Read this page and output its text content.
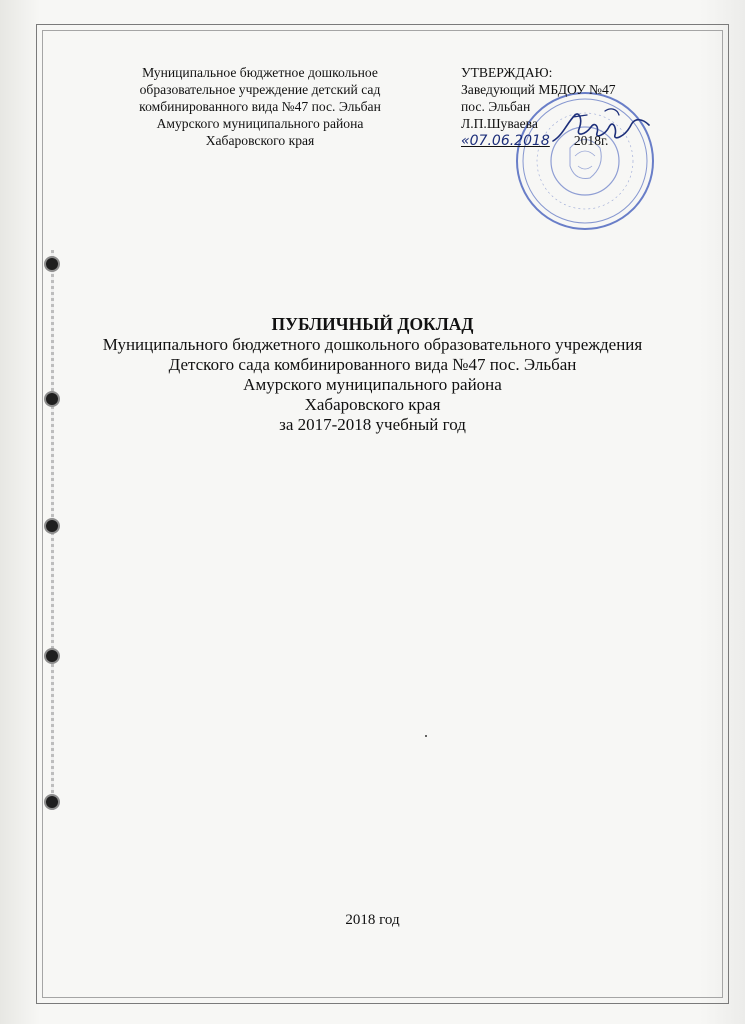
Муниципальное бюджетное дошкольное
образовательное учреждение детский сад
комбинированного вида №47 пос. Эльбан
Амурского муниципального района
Хабаровского края
УТВЕРЖДАЮ:
Заведующий МБДОУ №47
пос. Эльбан
Л.П.Шуваева
«07.06.2018 2018г.
ПУБЛИЧНЫЙ ДОКЛАД
Муниципального бюджетного дошкольного образовательного учреждения
Детского сада комбинированного вида №47 пос. Эльбан
Амурского муниципального района
Хабаровского края
за 2017-2018 учебный год
2018 год
